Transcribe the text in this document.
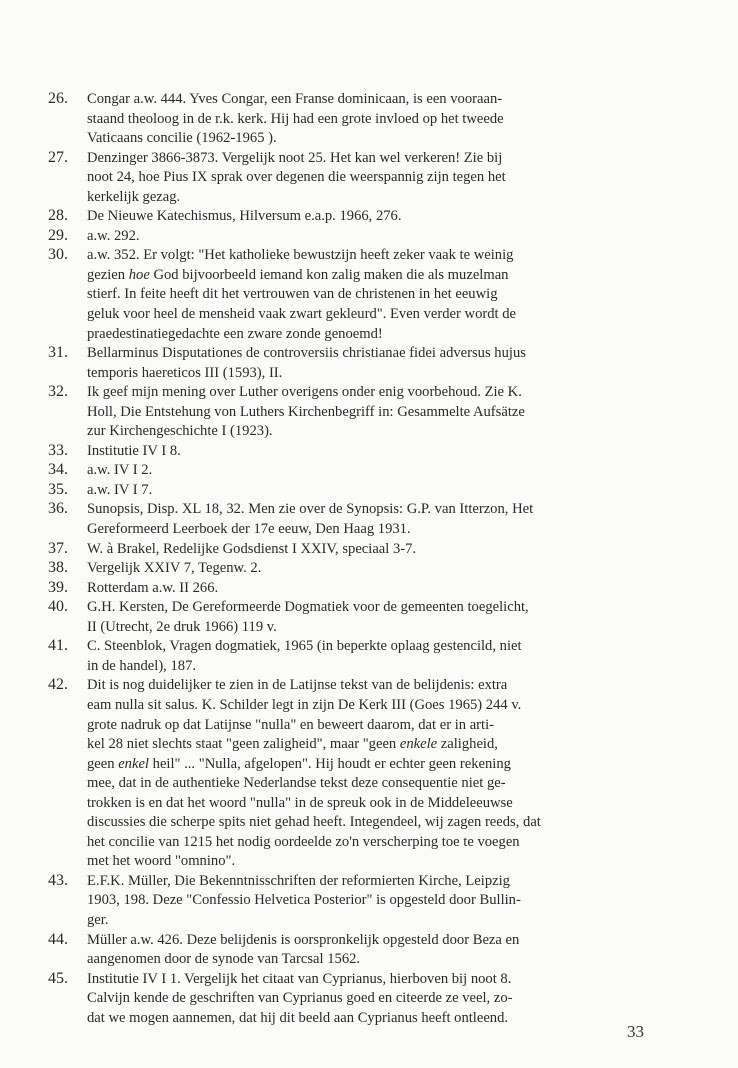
26.	Congar a.w. 444. Yves Congar, een Franse dominicaan, is een vooraan-
staand theoloog in de r.k. kerk. Hij had een grote invloed op het tweede
Vaticaans concilie (1962-1965 ).
27.	Denzinger 3866-3873. Vergelijk noot 25. Het kan wel verkeren! Zie bij
noot 24, hoe Pius IX sprak over degenen die weerspannig zijn tegen het
kerkelijk gezag.
28.	De Nieuwe Katechismus, Hilversum e.a.p. 1966, 276.
29.	a.w. 292.
30.	a.w. 352. Er volgt: "Het katholieke bewustzijn heeft zeker vaak te weinig
gezien hoe God bijvoorbeeld iemand kon zalig maken die als muzelman
stierf. In feite heeft dit het vertrouwen van de christenen in het eeuwig
geluk voor heel de mensheid vaak zwart gekleurd". Even verder wordt de
praedestinatiegedachte een zware zonde genoemd!
31.	Bellarminus Disputationes de controversiis christianae fidei adversus hujus
temporis haereticos III (1593), II.
32.	Ik geef mijn mening over Luther overigens onder enig voorbehoud. Zie K.
Holl, Die Entstehung von Luthers Kirchenbegriff in: Gesammelte Aufsätze
zur Kirchengeschichte I (1923).
33.	Institutie IV I 8.
34.	a.w. IV I 2.
35.	a.w. IV I 7.
36.	Sunopsis, Disp. XL 18, 32. Men zie over de Synopsis: G.P. van Itterzon, Het
Gereformeerd Leerboek der 17e eeuw, Den Haag 1931.
37.	W. à Brakel, Redelijke Godsdienst I XXIV, speciaal 3-7.
38.	Vergelijk XXIV 7, Tegenw. 2.
39.	Rotterdam a.w. II 266.
40.	G.H. Kersten, De Gereformeerde Dogmatiek voor de gemeenten toegelicht,
II (Utrecht, 2e druk 1966) 119 v.
41.	C. Steenblok, Vragen dogmatiek, 1965 (in beperkte oplaag gestencild, niet
in de handel), 187.
42.	Dit is nog duidelijker te zien in de Latijnse tekst van de belijdenis: extra
eam nulla sit salus. K. Schilder legt in zijn De Kerk III (Goes 1965) 244 v.
grote nadruk op dat Latijnse "nulla" en beweert daarom, dat er in arti-
kel 28 niet slechts staat "geen zaligheid", maar "geen enkele zaligheid,
geen enkel heil" ... "Nulla, afgelopen". Hij houdt er echter geen rekening
mee, dat in de authentieke Nederlandse tekst deze consequentie niet ge-
trokken is en dat het woord "nulla" in de spreuk ook in de Middeleeuwse
discussies die scherpe spits niet gehad heeft. Integendeel, wij zagen reeds, dat
het concilie van 1215 het nodig oordeelde zo'n verscherping toe te voegen
met het woord "omnino".
43.	E.F.K. Müller, Die Bekenntnisschriften der reformierten Kirche, Leipzig
1903, 198. Deze "Confessio Helvetica Posterior" is opgesteld door Bullin-
ger.
44.	Müller a.w. 426. Deze belijdenis is oorspronkelijk opgesteld door Beza en
aangenomen door de synode van Tarcsal 1562.
45.	Institutie IV I 1. Vergelijk het citaat van Cyprianus, hierboven bij noot 8.
Calvijn kende de geschriften van Cyprianus goed en citeerde ze veel, zo-
dat we mogen aannemen, dat hij dit beeld aan Cyprianus heeft ontleend.
33
